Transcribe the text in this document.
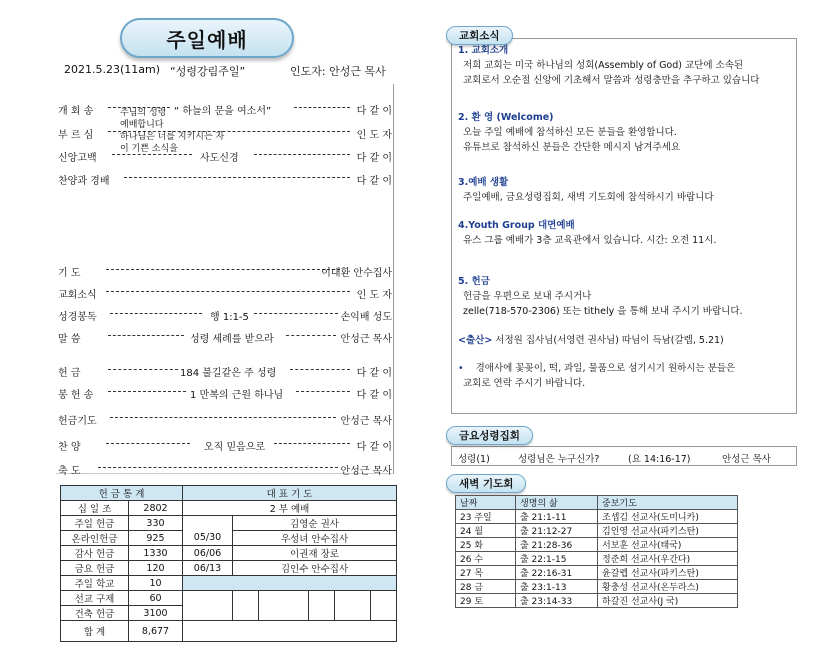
주일예배
2021.5.23(11am) “성령강림주일”	인도자: 안성근 목사
개 회 송	“ 하늘의 문을 여소서”	다 같 이
부 르 심	인 도 자
신앙고백	사도신경	다 같 이
찬양과 경배	다 같 이
기 도	이대환 안수집사
교회소식	인 도 자
성경봉독	행 1:1-5	손익배 성도
말 씀	성령 세례를 받으라	안성근 목사
헌 금	184 불길같은 주 성령	다 같 이
봉 헌 송	1 만복의 근원 하나님	다 같 이
헌금기도	안성근 목사
찬 양	오직 믿음으로	다 같 이
축 도	안성근 목사
주님의 성령
예배합니다
하나님은 너를 지키시는 자
이 기쁜 소식을
헌 금 통 계		대 표 기 도					
십 일 조	2802	2 부 예배					
주일 헌금	330		김영순 권사				
온라인헌금	925	05/30	우성녀 안수집사				
감사 헌금	1330	06/06	이권재 장로				
금요 헌금	120	06/13	김인수 안수집사				
주일 학교	10						
선교 구제	60						
건축 헌금	3100						
합 계	8,677						
1. 교회소개
저희 교회는 미국 하나님의 성회(Assembly of God) 교단에 소속된
교회로서 오순절 신앙에 기초해서 말씀과 성령충만을 추구하고 있습니다
2. 환 영 (Welcome)
오늘 주일 예배에 참석하신 모든 분들을 환영합니다.
유튜브로 참석하신 분들은 간단한 메시지 남겨주세요
3.예배 생활
주일예배, 금요성령집회, 새벽 기도회에 참석하시기 바랍니다
4.Youth Group 대면예배
유스 그룹 예배가 3층 교육관에서 있습니다. 시간: 오전 11시.
5. 헌금
헌금을 우편으로 보내 주시거나
zelle(718-570-2306) 또는 tithely 을 통해 보내 주시기 바랍니다.
<출산> 서정원 집사님(서영련 권사님) 따님이 득남(갈렙, 5.21)
• 경애사에 꽃꽂이, 떡, 과일, 물품으로 섬기시기 원하시는 분들은
교회로 연락 주시기 바랍니다.
교회소식
성령(1)	성령님은 누구신가?	(요 14:16-17)	안성근 목사
금요성령집회
새벽 기도회
날짜	생명의 삶	중보기도
23 주일	출 21:1-11	조셉김 선교사(도미니카)
24 월	출 21:12-27	김인영 선교사(파키스탄)
25 화	출 21:28-36	서보훈 선교사(태국)
26 수	출 22:1-15	정준희 선교사(우간다)
27 목	출 22:16-31	윤갈렙 선교사(파키스탄)
28 금	출 23:1-13	황충성 선교사(온두라스)
29 토	출 23:14-33	하갈진 선교사(J 국)
